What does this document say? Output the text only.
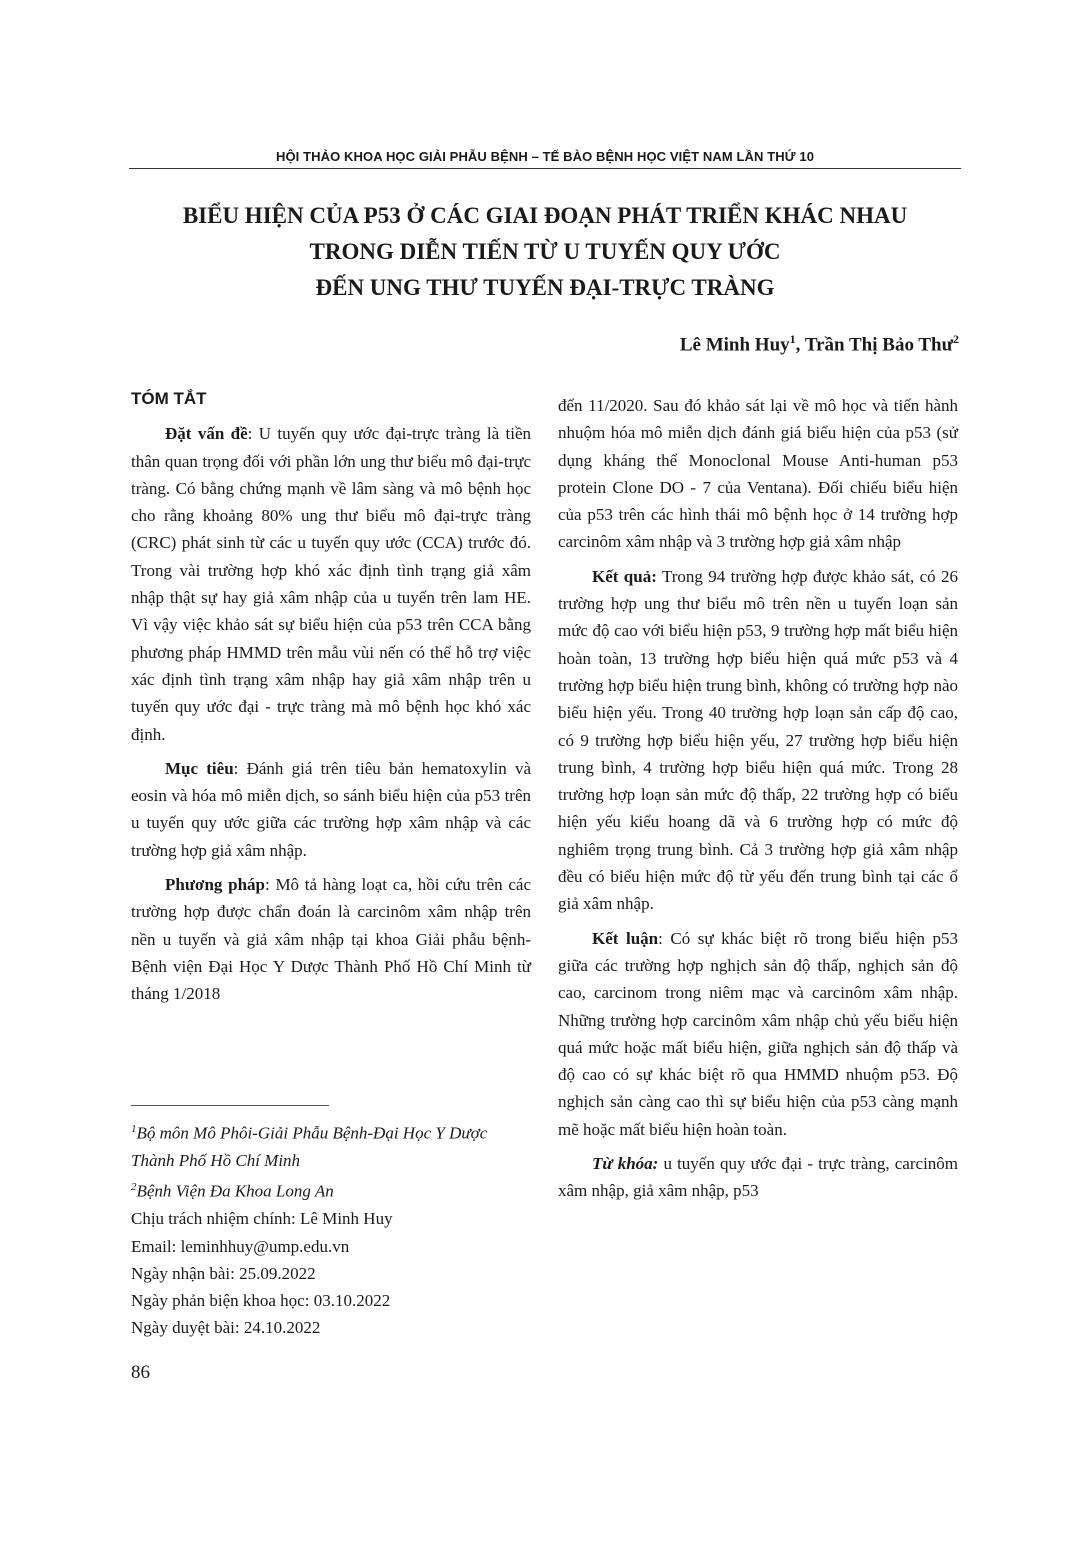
HỘI THẢO KHOA HỌC GIẢI PHẪU BỆNH – TẾ BÀO BỆNH HỌC VIỆT NAM LẦN THỨ 10
BIỂU HIỆN CỦA P53 Ở CÁC GIAI ĐOẠN PHÁT TRIỂN KHÁC NHAU
TRONG DIỄN TIẾN TỪ U TUYẾN QUY ƯỚC
ĐẾN UNG THƯ TUYẾN ĐẠI-TRỰC TRÀNG
Lê Minh Huy$^1$, Trần Thị Bảo Thư$^2$
TÓM TẮT

Đặt vấn đề: U tuyến quy ước đại-trực tràng là tiền thân quan trọng đối với phần lớn ung thư biểu mô đại-trực tràng. Có bằng chứng mạnh về lâm sàng và mô bệnh học cho rằng khoảng 80% ung thư biểu mô đại-trực tràng (CRC) phát sinh từ các u tuyến quy ước (CCA) trước đó. Trong vài trường hợp khó xác định tình trạng giả xâm nhập thật sự hay giả xâm nhập của u tuyến trên lam HE. Vì vậy việc khảo sát sự biểu hiện của p53 trên CCA bằng phương pháp HMMD trên mẫu vùi nến có thể hỗ trợ việc xác định tình trạng xâm nhập hay giả xâm nhập trên u tuyến quy ước đại - trực tràng mà mô bệnh học khó xác định.

Mục tiêu: Đánh giá trên tiêu bản hematoxylin và eosin và hóa mô miễn dịch, so sánh biểu hiện của p53 trên u tuyến quy ước giữa các trường hợp xâm nhập và các trường hợp giả xâm nhập.

Phương pháp: Mô tả hàng loạt ca, hồi cứu trên các trường hợp được chẩn đoán là carcinôm xâm nhập trên nền u tuyến và giả xâm nhập tại khoa Giải phẫu bệnh- Bệnh viện Đại Học Y Dược Thành Phố Hồ Chí Minh từ tháng 1/2018

đến 11/2020. Sau đó khảo sát lại về mô học và tiến hành nhuộm hóa mô miễn dịch đánh giá biểu hiện của p53 (sử dụng kháng thể Monoclonal Mouse Anti-human p53 protein Clone DO - 7 của Ventana). Đối chiếu biểu hiện của p53 trên các hình thái mô bệnh học ở 14 trường hợp carcinôm xâm nhập và 3 trường hợp giả xâm nhập

Kết quả: Trong 94 trường hợp được khảo sát, có 26 trường hợp ung thư biểu mô trên nền u tuyến loạn sản mức độ cao với biểu hiện p53, 9 trường hợp mất biểu hiện hoàn toàn, 13 trường hợp biểu hiện quá mức p53 và 4 trường hợp biểu hiện trung bình, không có trường hợp nào biểu hiện yếu. Trong 40 trường hợp loạn sản cấp độ cao, có 9 trường hợp biểu hiện yếu, 27 trường hợp biểu hiện trung bình, 4 trường hợp biểu hiện quá mức. Trong 28 trường hợp loạn sản mức độ thấp, 22 trường hợp có biểu hiện yếu kiểu hoang dã và 6 trường hợp có mức độ nghiêm trọng trung bình. Cả 3 trường hợp giả xâm nhập đều có biểu hiện mức độ từ yếu đến trung bình tại các ổ giả xâm nhập.

Kết luận: Có sự khác biệt rõ trong biểu hiện p53 giữa các trường hợp nghịch sản độ thấp, nghịch sản độ cao, carcinom trong niêm mạc và carcinôm xâm nhập. Những trường hợp carcinôm xâm nhập chủ yếu biểu hiện quá mức hoặc mất biểu hiện, giữa nghịch sản độ thấp và độ cao có sự khác biệt rõ qua HMMD nhuộm p53. Độ nghịch sản càng cao thì sự biểu hiện của p53 càng mạnh mẽ hoặc mất biểu hiện hoàn toàn.

Từ khóa: u tuyến quy ước đại - trực tràng, carcinôm xâm nhập, giả xâm nhập, p53

$^1$Bộ môn Mô Phôi-Giải Phẫu Bệnh-Đại Học Y Dược Thành Phố Hồ Chí Minh
$^2$Bệnh Viện Đa Khoa Long An
Chịu trách nhiệm chính: Lê Minh Huy
Email: leminhhuy@ump.edu.vn
Ngày nhận bài: 25.09.2022
Ngày phản biện khoa học: 03.10.2022
Ngày duyệt bài: 24.10.2022
86
